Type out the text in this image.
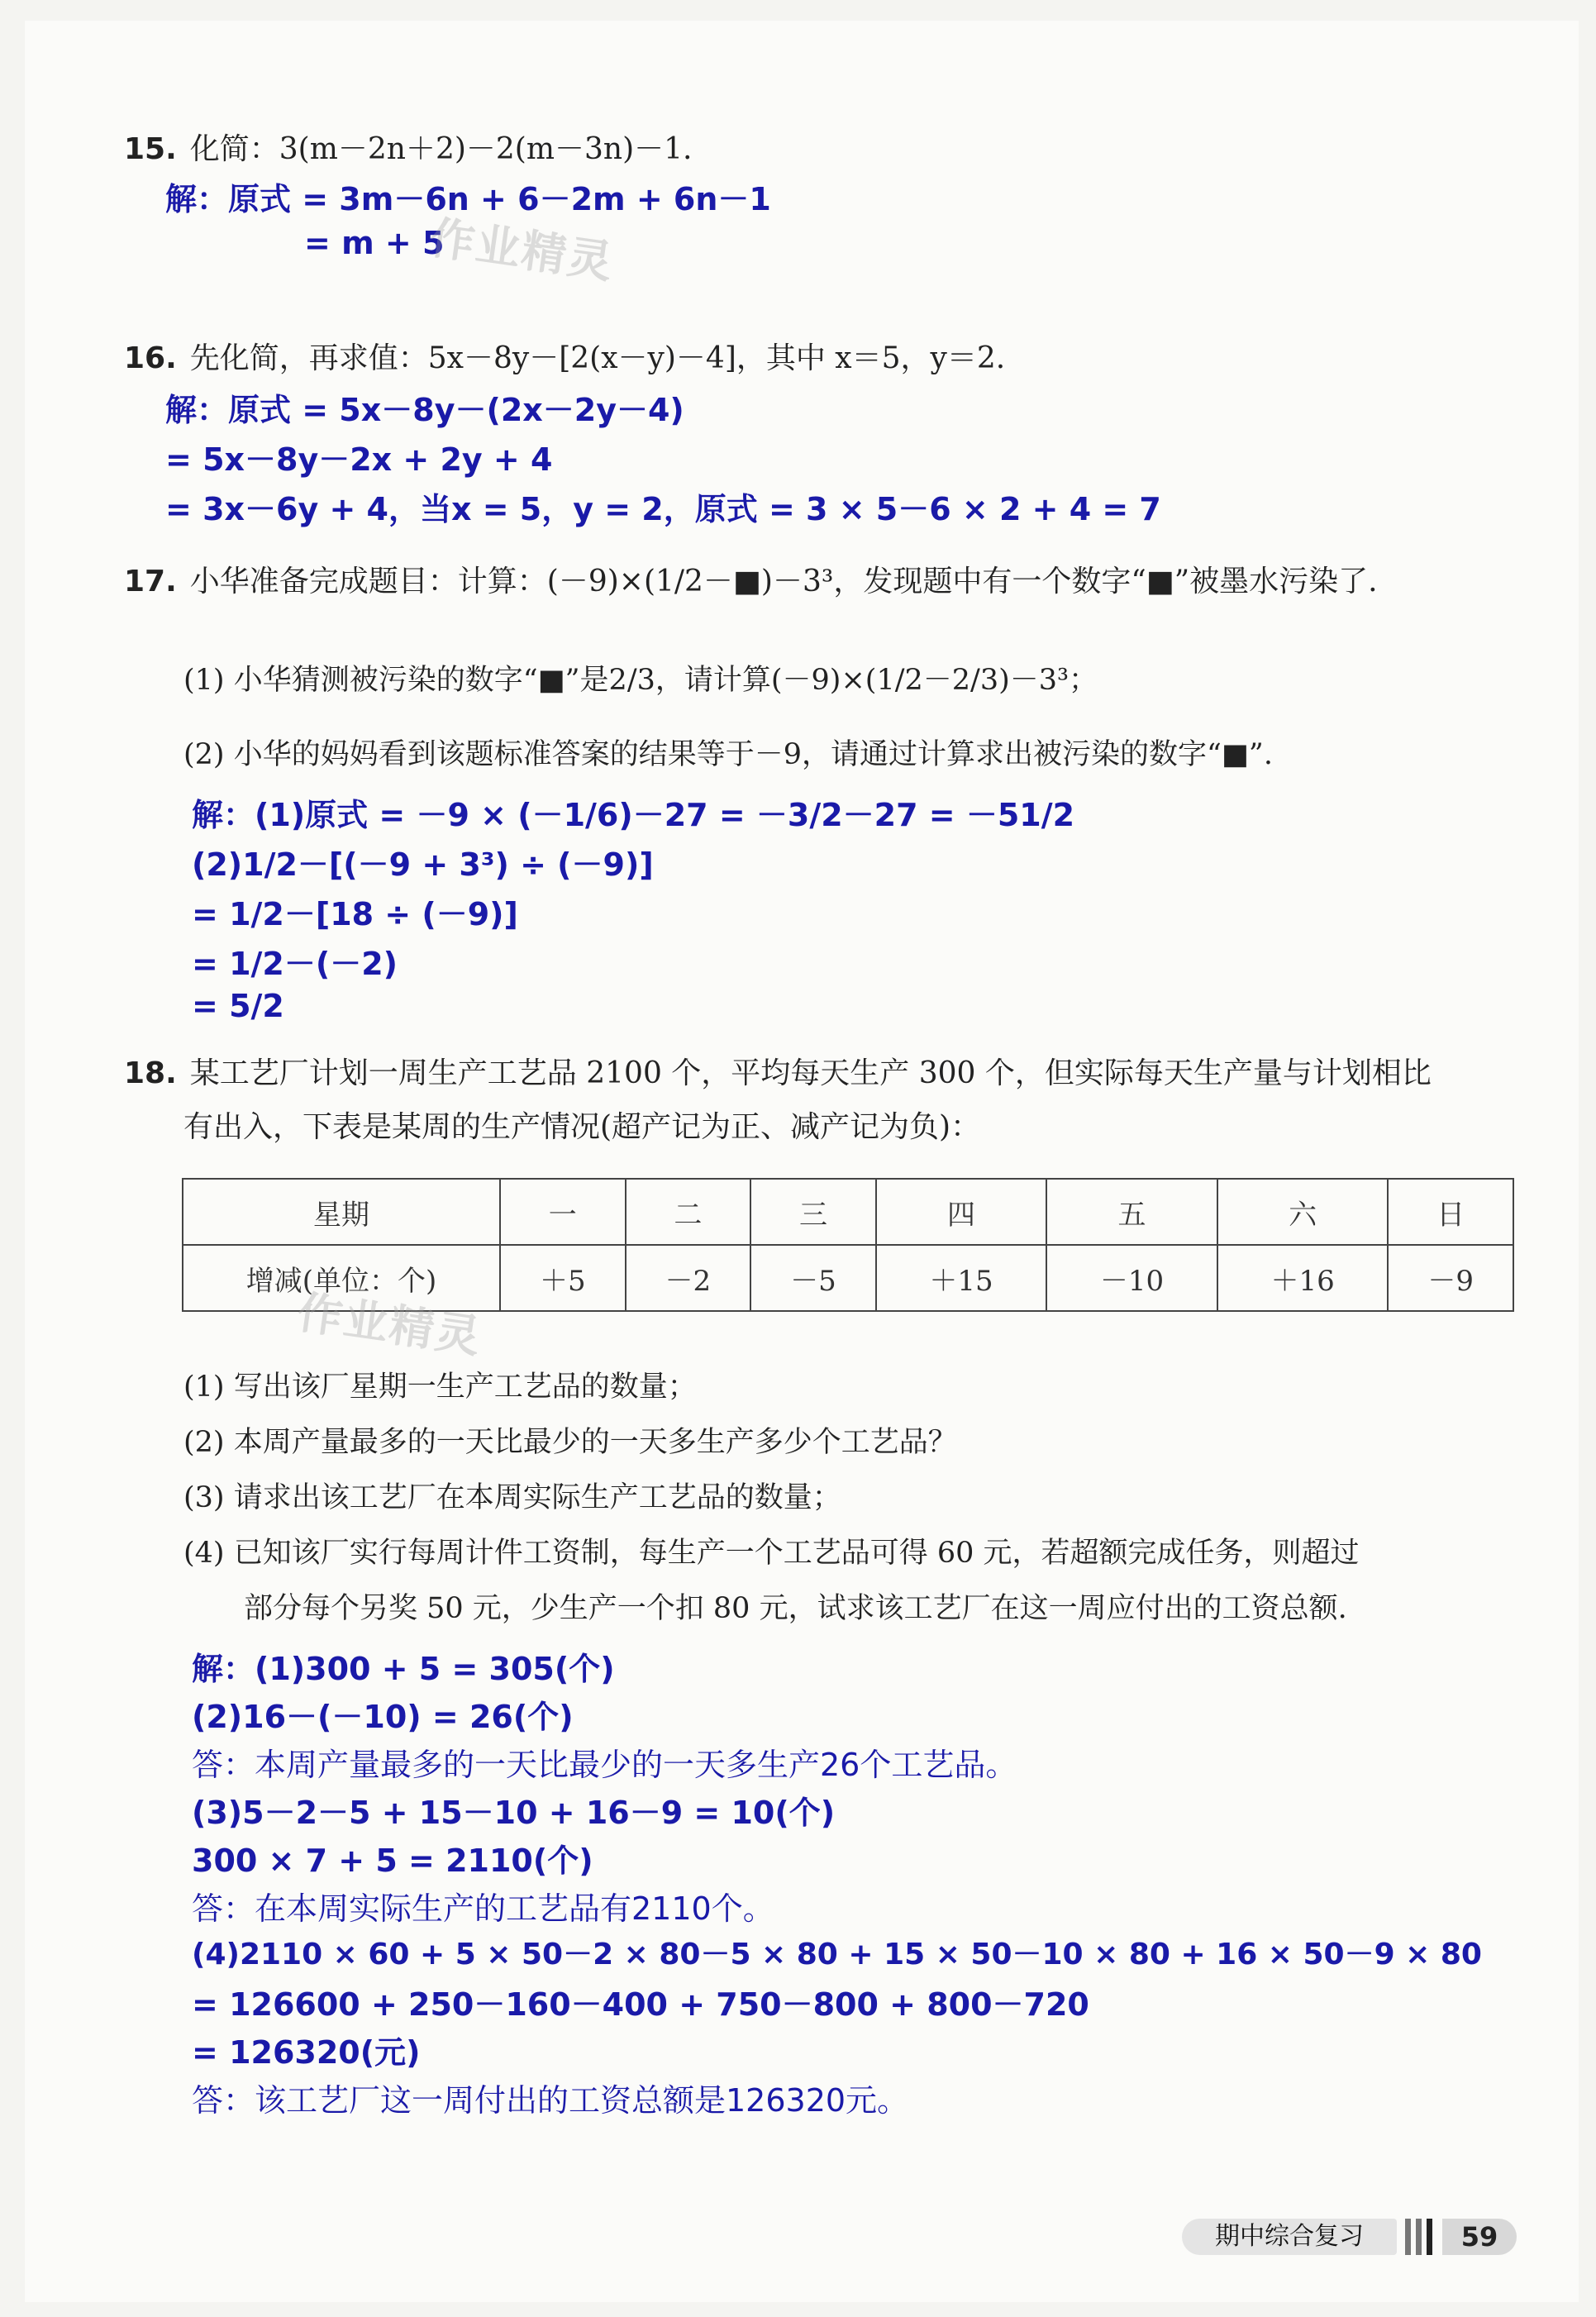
15. 化简：3(m－2n＋2)－2(m－3n)－1.
解：原式 = 3m－6n + 6－2m + 6n－1
= m + 5
作业精灵
16. 先化简，再求值：5x－8y－[2(x－y)－4]，其中 x＝5，y＝2.
解：原式 = 5x－8y－(2x－2y－4)
= 5x－8y－2x + 2y + 4
= 3x－6y + 4，当x = 5，y = 2，原式 = 3 × 5－6 × 2 + 4 = 7
17. 小华准备完成题目：计算：(－9)×(1/2－■)－3³，发现题中有一个数字“■”被墨水污染了.
(1) 小华猜测被污染的数字“■”是2/3，请计算(－9)×(1/2－2/3)－3³；
(2) 小华的妈妈看到该题标准答案的结果等于－9，请通过计算求出被污染的数字“■”.
解：(1)原式 = －9 × (－1/6)－27 = －3/2－27 = －51/2
(2)1/2－[(－9 + 3³) ÷ (－9)]
= 1/2－[18 ÷ (－9)]
= 1/2－(－2)
= 5/2
18. 某工艺厂计划一周生产工艺品 2100 个，平均每天生产 300 个，但实际每天生产量与计划相比
有出入，下表是某周的生产情况(超产记为正、减产记为负)：
星期	一	二	三	四	五	六	日
增减(单位：个)	＋5	－2	－5	＋15	－10	＋16	－9
作业精灵
(1) 写出该厂星期一生产工艺品的数量；
(2) 本周产量最多的一天比最少的一天多生产多少个工艺品？
(3) 请求出该工艺厂在本周实际生产工艺品的数量；
(4) 已知该厂实行每周计件工资制，每生产一个工艺品可得 60 元，若超额完成任务，则超过
部分每个另奖 50 元，少生产一个扣 80 元，试求该工艺厂在这一周应付出的工资总额.
解：(1)300 + 5 = 305(个)
(2)16－(－10) = 26(个)
答：本周产量最多的一天比最少的一天多生产26个工艺品。
(3)5－2－5 + 15－10 + 16－9 = 10(个)
300 × 7 + 5 = 2110(个)
答：在本周实际生产的工艺品有2110个。
(4)2110 × 60 + 5 × 50－2 × 80－5 × 80 + 15 × 50－10 × 80 + 16 × 50－9 × 80
= 126600 + 250－160－400 + 750－800 + 800－720
= 126320(元)
答：该工艺厂这一周付出的工资总额是126320元。
期中综合复习	59
